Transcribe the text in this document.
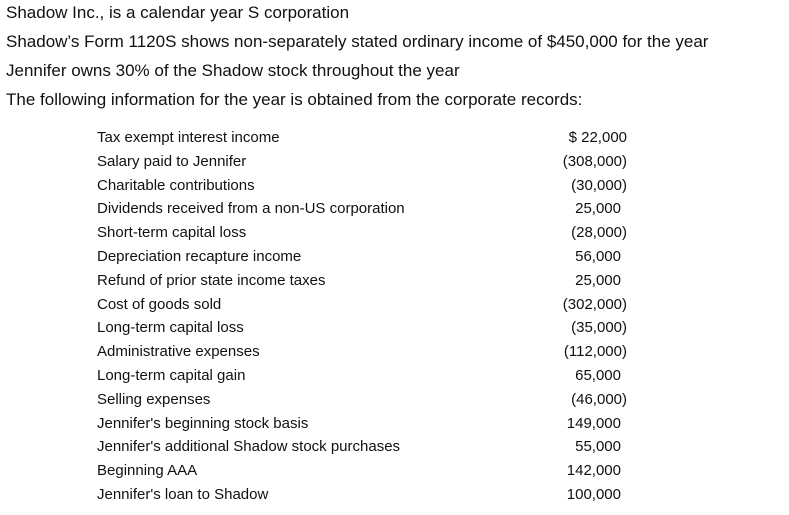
Shadow Inc., is a calendar year S corporation
Shadow’s Form 1120S shows non-separately stated ordinary income of $450,000 for the year
Jennifer owns 30% of the Shadow stock throughout the year
The following information for the year is obtained from the corporate records:
Tax exempt interest income	$ 22,000
Salary paid to Jennifer	(308,000)
Charitable contributions	(30,000)
Dividends received from a non-US corporation	25,000
Short-term capital loss	(28,000)
Depreciation recapture income	56,000
Refund of prior state income taxes	25,000
Cost of goods sold	(302,000)
Long-term capital loss	(35,000)
Administrative expenses	(112,000)
Long-term capital gain	65,000
Selling expenses	(46,000)
Jennifer's beginning stock basis	149,000
Jennifer's additional Shadow stock purchases	55,000
Beginning AAA	142,000
Jennifer's loan to Shadow	100,000
